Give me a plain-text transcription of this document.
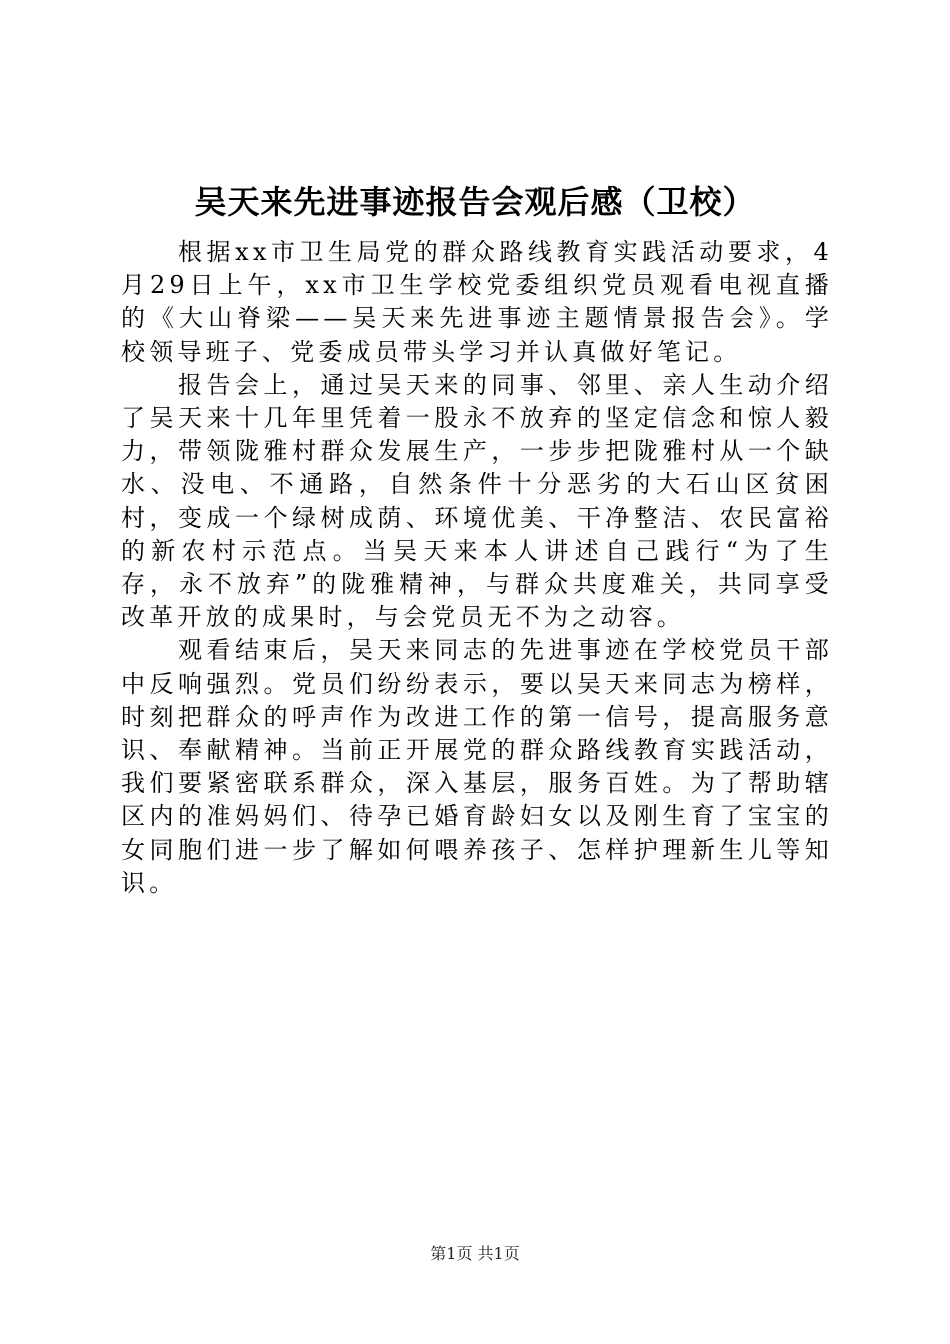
吴天来先进事迹报告会观后感（卫校）

根据xx市卫生局党的群众路线教育实践活动要求，4月29日上午，xx市卫生学校党委组织党员观看电视直播的《大山脊梁——吴天来先进事迹主题情景报告会》。学校领导班子、党委成员带头学习并认真做好笔记。

报告会上，通过吴天来的同事、邻里、亲人生动介绍了吴天来十几年里凭着一股永不放弃的坚定信念和惊人毅力，带领陇雅村群众发展生产，一步步把陇雅村从一个缺水、没电、不通路，自然条件十分恶劣的大石山区贫困村，变成一个绿树成荫、环境优美、干净整洁、农民富裕的新农村示范点。当吴天来本人讲述自己践行“为了生存，永不放弃”的陇雅精神，与群众共度难关，共同享受改革开放的成果时，与会党员无不为之动容。

观看结束后，吴天来同志的先进事迹在学校党员干部中反响强烈。党员们纷纷表示，要以吴天来同志为榜样，时刻把群众的呼声作为改进工作的第一信号，提高服务意识、奉献精神。当前正开展党的群众路线教育实践活动，我们要紧密联系群众，深入基层，服务百姓。为了帮助辖区内的准妈妈们、待孕已婚育龄妇女以及刚生育了宝宝的女同胞们进一步了解如何喂养孩子、怎样护理新生儿等知识。

第1页 共1页
